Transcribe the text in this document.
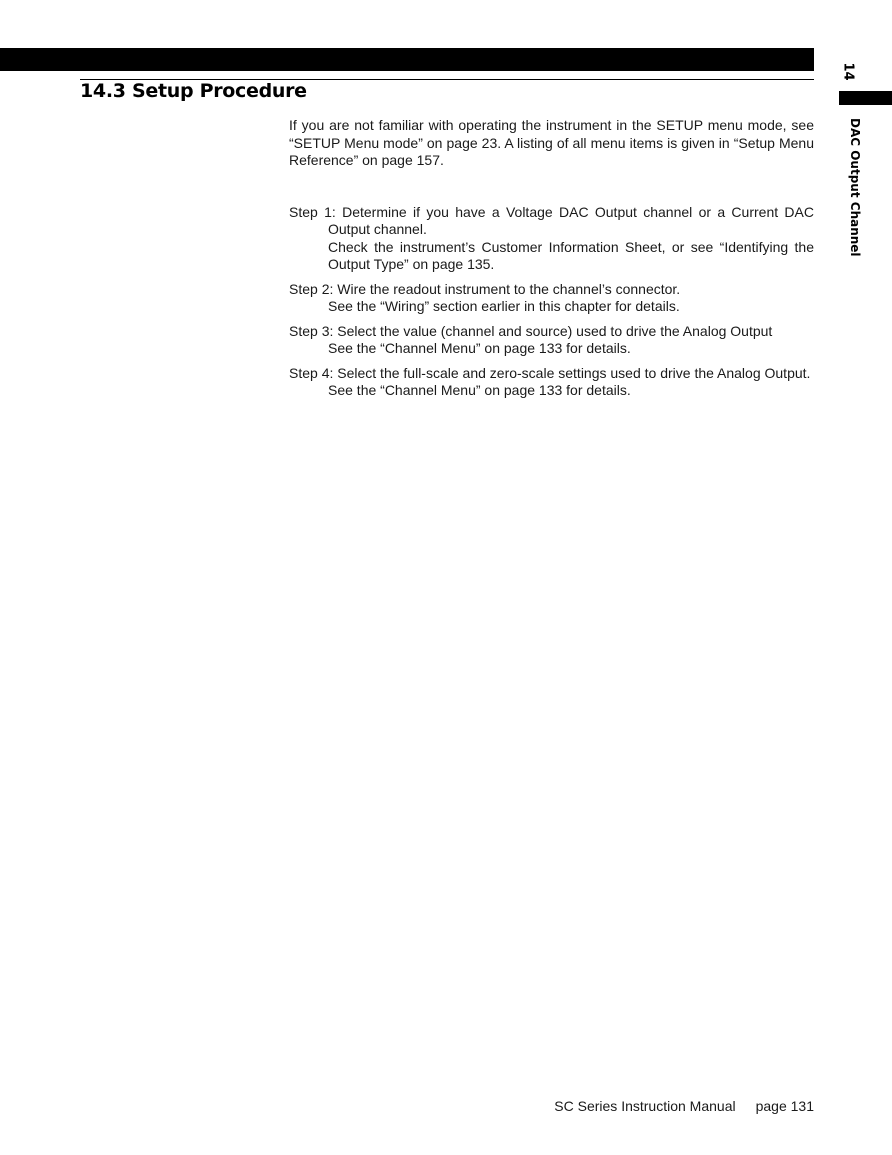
14.3 Setup Procedure
14
DAC Output Channel

If you are not familiar with operating the instrument in the SETUP menu mode, see “SETUP Menu mode” on page 23. A listing of all menu items is given in “Setup Menu Reference” on page 157.

Step 1: Determine if you have a Voltage DAC Output channel or a Current DAC Output channel.
Check the instrument’s Customer Information Sheet, or see “Identifying the Output Type” on page 135.
Step 2: Wire the readout instrument to the channel’s connector.
See the “Wiring” section earlier in this chapter for details.
Step 3: Select the value (channel and source) used to drive the Analog Output
See the “Channel Menu” on page 133 for details.
Step 4: Select the full-scale and zero-scale settings used to drive the Analog Output.
See the “Channel Menu” on page 133 for details.
SC Series Instruction Manual page 131
